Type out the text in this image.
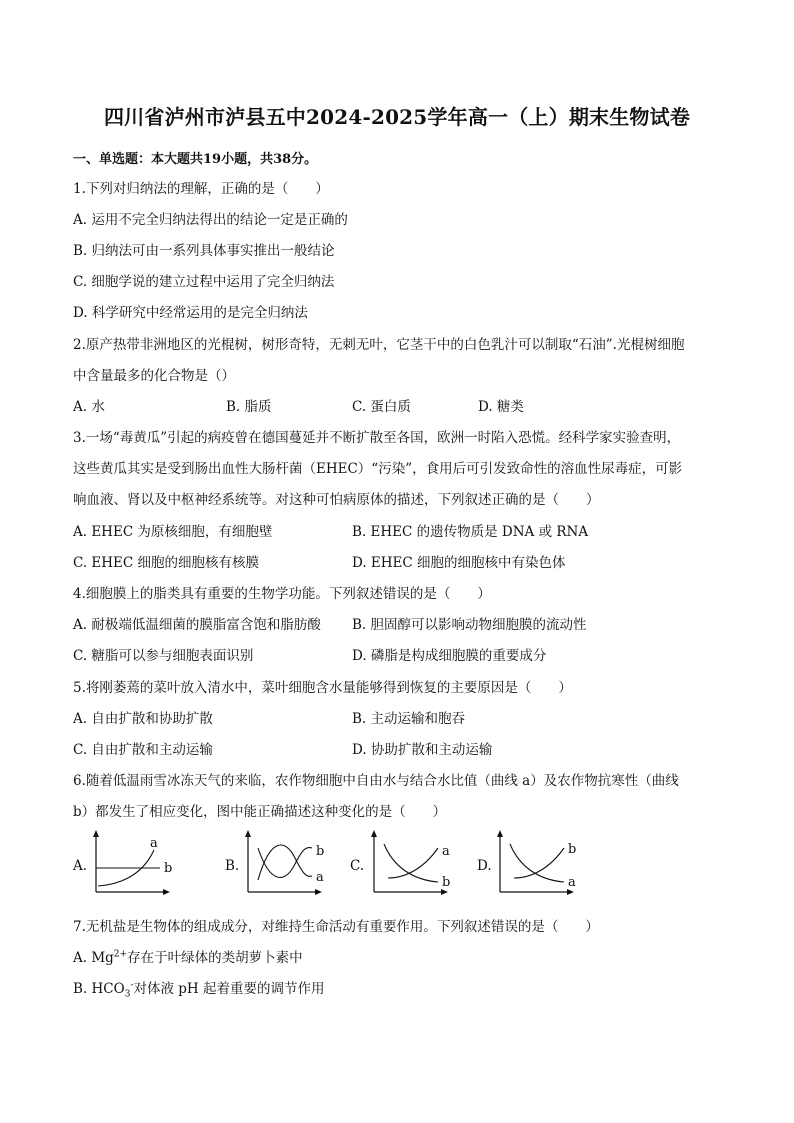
四川省泸州市泸县五中2024-2025学年高一（上）期末生物试卷
一、单选题：本大题共19小题，共38分。
1.下列对归纳法的理解，正确的是（　　）
A. 运用不完全归纳法得出的结论一定是正确的
B. 归纳法可由一系列具体事实推出一般结论
C. 细胞学说的建立过程中运用了完全归纳法
D. 科学研究中经常运用的是完全归纳法
2.原产热带非洲地区的光棍树，树形奇特，无刺无叶，它茎干中的白色乳汁可以制取“石油”.光棍树细胞
中含量最多的化合物是（）
A. 水	B. 脂质	C. 蛋白质	D. 糖类
3.一场“毒黄瓜”引起的病疫曾在德国蔓延并不断扩散至各国，欧洲一时陷入恐慌。经科学家实验查明，
这些黄瓜其实是受到肠出血性大肠杆菌（EHEC）“污染”，食用后可引发致命性的溶血性尿毒症，可影
响血液、肾以及中枢神经系统等。对这种可怕病原体的描述，下列叙述正确的是（　　）
A. EHEC 为原核细胞，有细胞壁	B. EHEC 的遗传物质是 DNA 或 RNA
C. EHEC 细胞的细胞核有核膜	D. EHEC 细胞的细胞核中有染色体
4.细胞膜上的脂类具有重要的生物学功能。下列叙述错误的是（　　）
A. 耐极端低温细菌的膜脂富含饱和脂肪酸 B. 胆固醇可以影响动物细胞膜的流动性
C. 糖脂可以参与细胞表面识别	D. 磷脂是构成细胞膜的重要成分
5.将刚萎蔫的菜叶放入清水中，菜叶细胞含水量能够得到恢复的主要原因是（　　）
A. 自由扩散和协助扩散	B. 主动运输和胞吞
C. 自由扩散和主动运输	D. 协助扩散和主动运输
6.随着低温雨雪冰冻天气的来临，农作物细胞中自由水与结合水比值（曲线 a）及农作物抗寒性（曲线
b）都发生了相应变化，图中能正确描述这种变化的是（　　）
A.
a
b	B.
b
a
C.
a
b
D.
b
a
7.无机盐是生物体的组成成分，对维持生命活动有重要作用。下列叙述错误的是（　　）
A. $Mg^{2+}$存在于叶绿体的类胡萝卜素中
B. $HCO_3^-$对体液 pH 起着重要的调节作用
